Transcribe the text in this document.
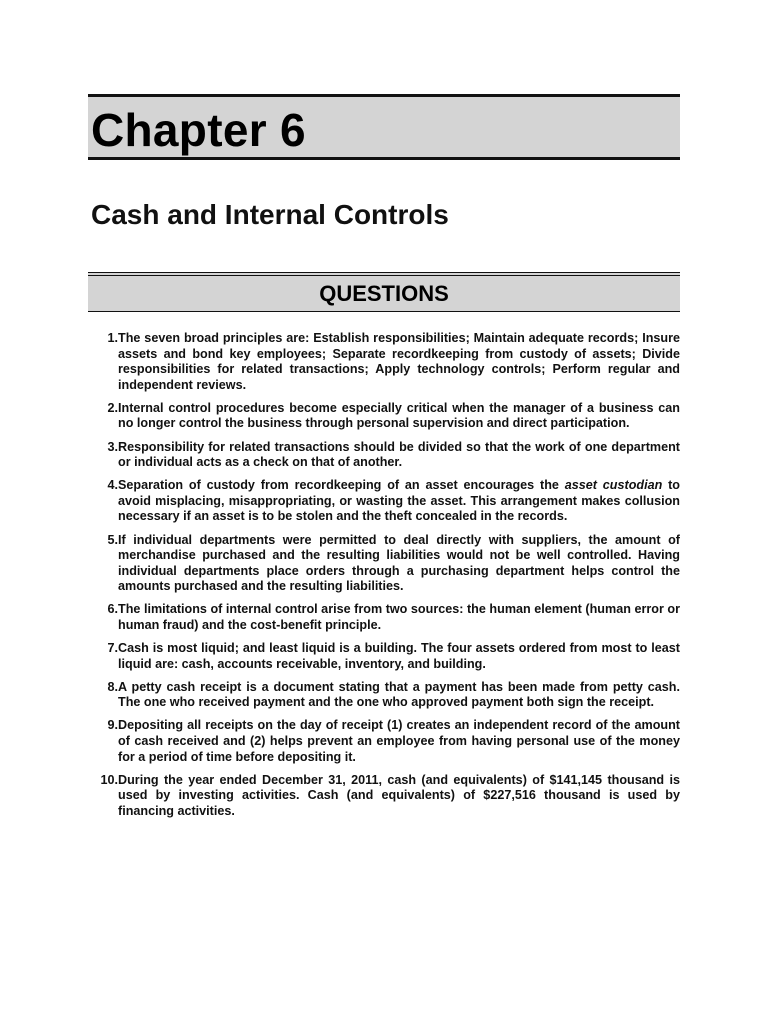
Chapter 6
Cash and Internal Controls
QUESTIONS
1. The seven broad principles are: Establish responsibilities; Maintain adequate records; Insure assets and bond key employees; Separate recordkeeping from custody of assets; Divide responsibilities for related transactions; Apply technology controls; Perform regular and independent reviews.
2. Internal control procedures become especially critical when the manager of a business can no longer control the business through personal supervision and direct participation.
3. Responsibility for related transactions should be divided so that the work of one department or individual acts as a check on that of another.
4. Separation of custody from recordkeeping of an asset encourages the asset custodian to avoid misplacing, misappropriating, or wasting the asset. This arrangement makes collusion necessary if an asset is to be stolen and the theft concealed in the records.
5. If individual departments were permitted to deal directly with suppliers, the amount of merchandise purchased and the resulting liabilities would not be well controlled. Having individual departments place orders through a purchasing department helps control the amounts purchased and the resulting liabilities.
6. The limitations of internal control arise from two sources: the human element (human error or human fraud) and the cost-benefit principle.
7. Cash is most liquid; and least liquid is a building. The four assets ordered from most to least liquid are: cash, accounts receivable, inventory, and building.
8. A petty cash receipt is a document stating that a payment has been made from petty cash. The one who received payment and the one who approved payment both sign the receipt.
9. Depositing all receipts on the day of receipt (1) creates an independent record of the amount of cash received and (2) helps prevent an employee from having personal use of the money for a period of time before depositing it.
10. During the year ended December 31, 2011, cash (and equivalents) of $141,145 thousand is used by investing activities. Cash (and equivalents) of $227,516 thousand is used by financing activities.
